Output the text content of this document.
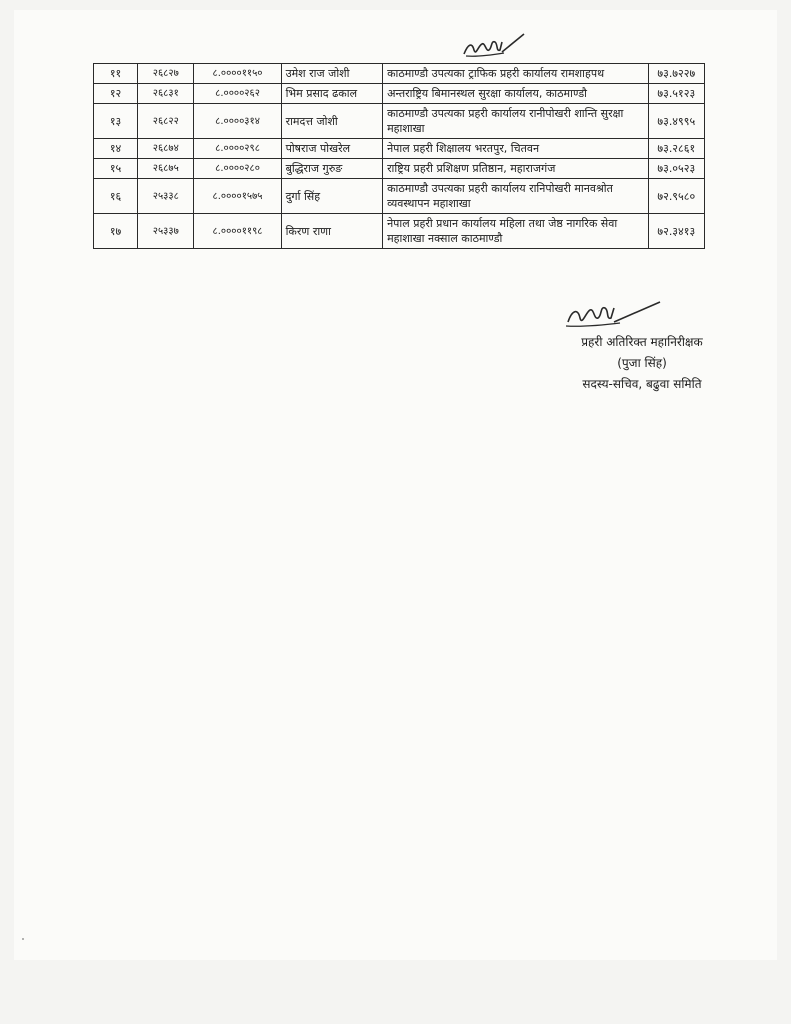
११	२६८२७	८.००००११५०	उमेश राज जोशी	काठमाण्डौ उपत्यका ट्राफिक प्रहरी कार्यालय रामशाहपथ	७३.७२२७
१२	२६८३१	८.००००२६२	भिम प्रसाद ढकाल	अन्तराष्ट्रिय बिमानस्थल सुरक्षा कार्यालय, काठमाण्डौ	७३.५१२३
१३	२६८२२	८.००००३१४	रामदत्त जोशी	काठमाण्डौ उपत्यका प्रहरी कार्यालय रानीपोखरी शान्ति सुरक्षा महाशाखा	७३.४९९५
१४	२६८७४	८.००००२९८	पोषराज पोखरेल	नेपाल प्रहरी शिक्षालय भरतपुर, चितवन	७३.२८६१
१५	२६८७५	८.००००२८०	बुद्धिराज गुरुङ	राष्ट्रिय प्रहरी प्रशिक्षण प्रतिष्ठान, महाराजगंज	७३.०५२३
१६	२५३३८	८.००००१५७५	दुर्गा सिंह	काठमाण्डौ उपत्यका प्रहरी कार्यालय रानिपोखरी मानवश्रोत व्यवस्थापन महाशाखा	७२.९५८०
१७	२५३३७	८.००००११९८	किरण राणा	नेपाल प्रहरी प्रधान कार्यालय महिला तथा जेष्ठ नागरिक सेवा महाशाखा नक्साल काठमाण्डौ	७२.३४१३
प्रहरी अतिरिक्त महानिरीक्षक
(पुजा सिंह)
सदस्य-सचिव, बढुवा समिति
